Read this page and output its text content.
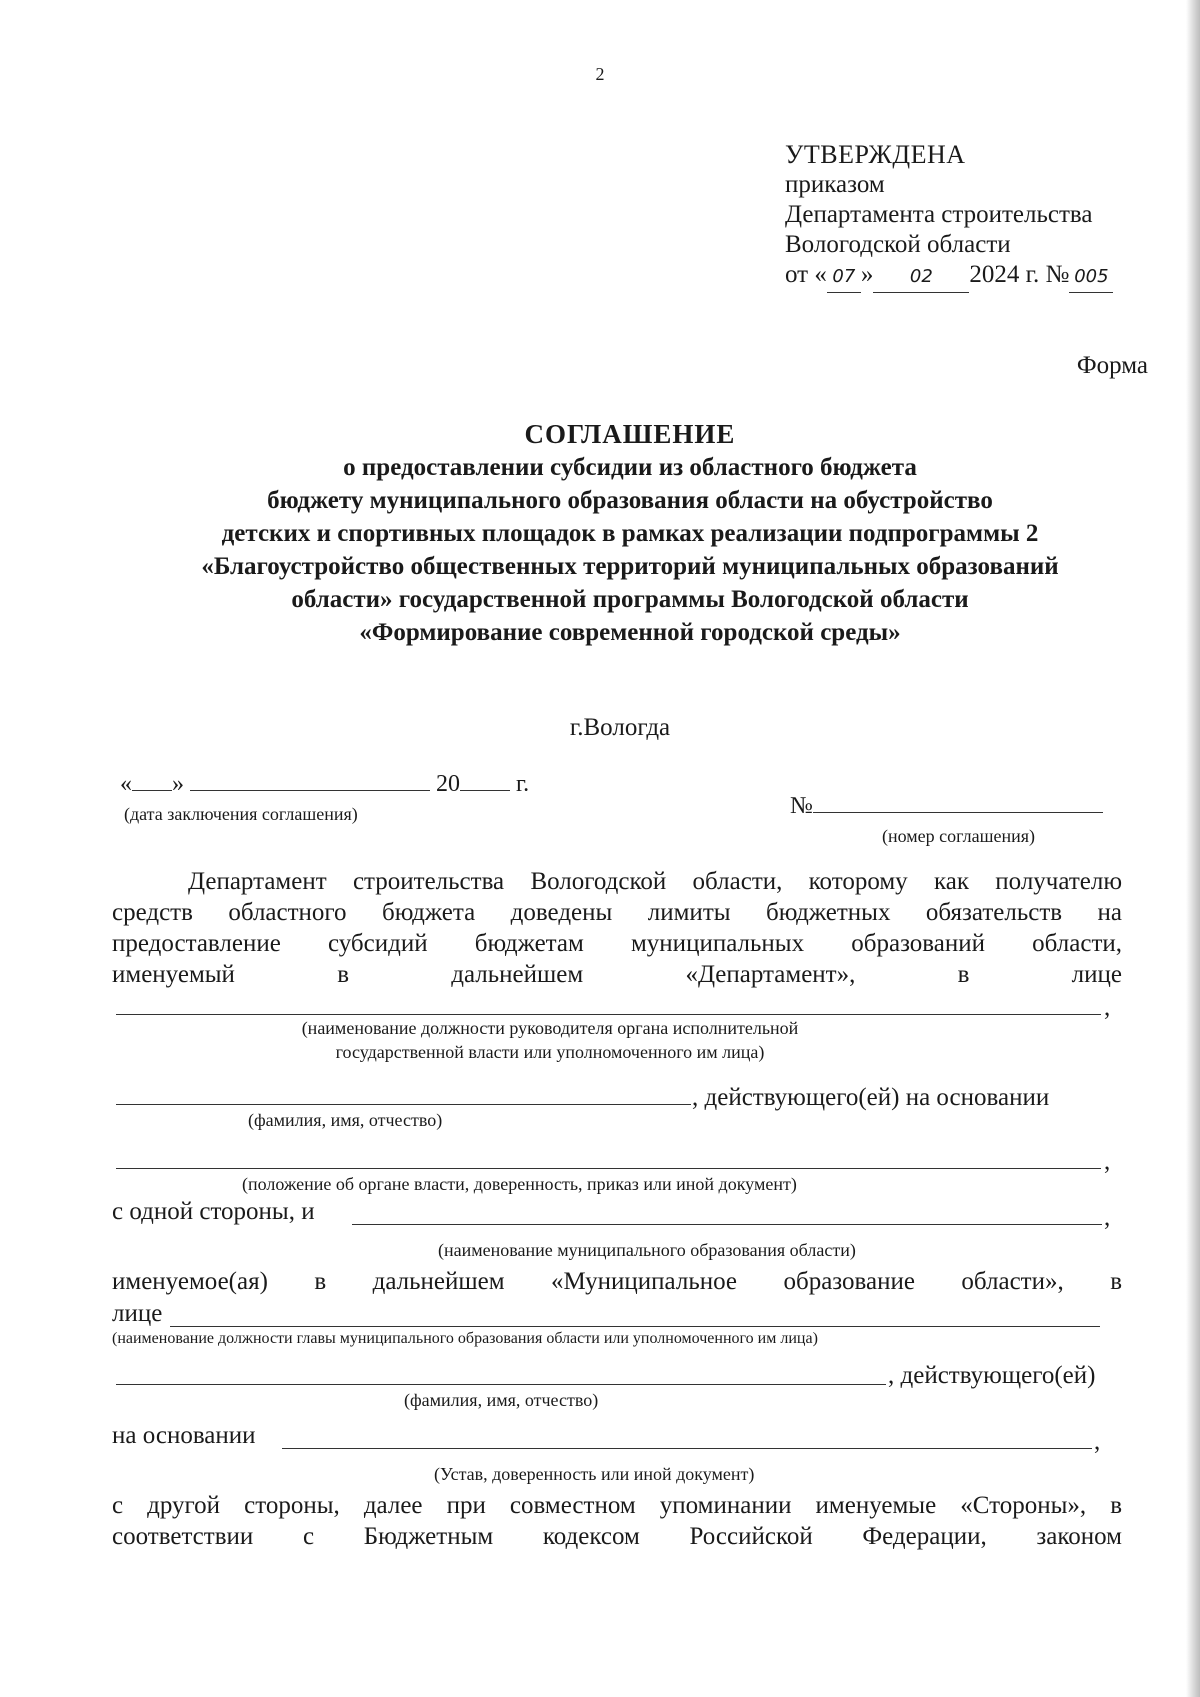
2
УТВЕРЖДЕНА
приказом
Департамента строительства
Вологодской области
от « 07 » 02 2024 г. № 005
Форма
СОГЛАШЕНИЕ
о предоставлении субсидии из областного бюджета
бюджету муниципального образования области на обустройство
детских и спортивных площадок в рамках реализации подпрограммы 2
«Благоустройство общественных территорий муниципальных образований
области» государственной программы Вологодской области
«Формирование современной городской среды»
г.Вологда
« »	20 г.
№
(дата заключения соглашения)
(номер соглашения)
Департамент строительства Вологодской области, которому как получателю
средств областного бюджета доведены лимиты бюджетных обязательств на
предоставление субсидий бюджетам муниципальных образований области,
именуемый в дальнейшем «Департамент», в лице
,
(наименование должности руководителя органа исполнительной
государственной власти или уполномоченного им лица)
, действующего(ей) на основании
(фамилия, имя, отчество)
,
(положение об органе власти, доверенность, приказ или иной документ)
с одной стороны, и	,
(наименование муниципального образования области)
именуемое(ая) в дальнейшем «Муниципальное образование области», в
лице
(наименование должности главы муниципального образования области или уполномоченного им лица)
, действующего(ей)
(фамилия, имя, отчество)
на основании	,
(Устав, доверенность или иной документ)
с другой стороны, далее при совместном упоминании именуемые «Стороны», в
соответствии с Бюджетным кодексом Российской Федерации, законом
